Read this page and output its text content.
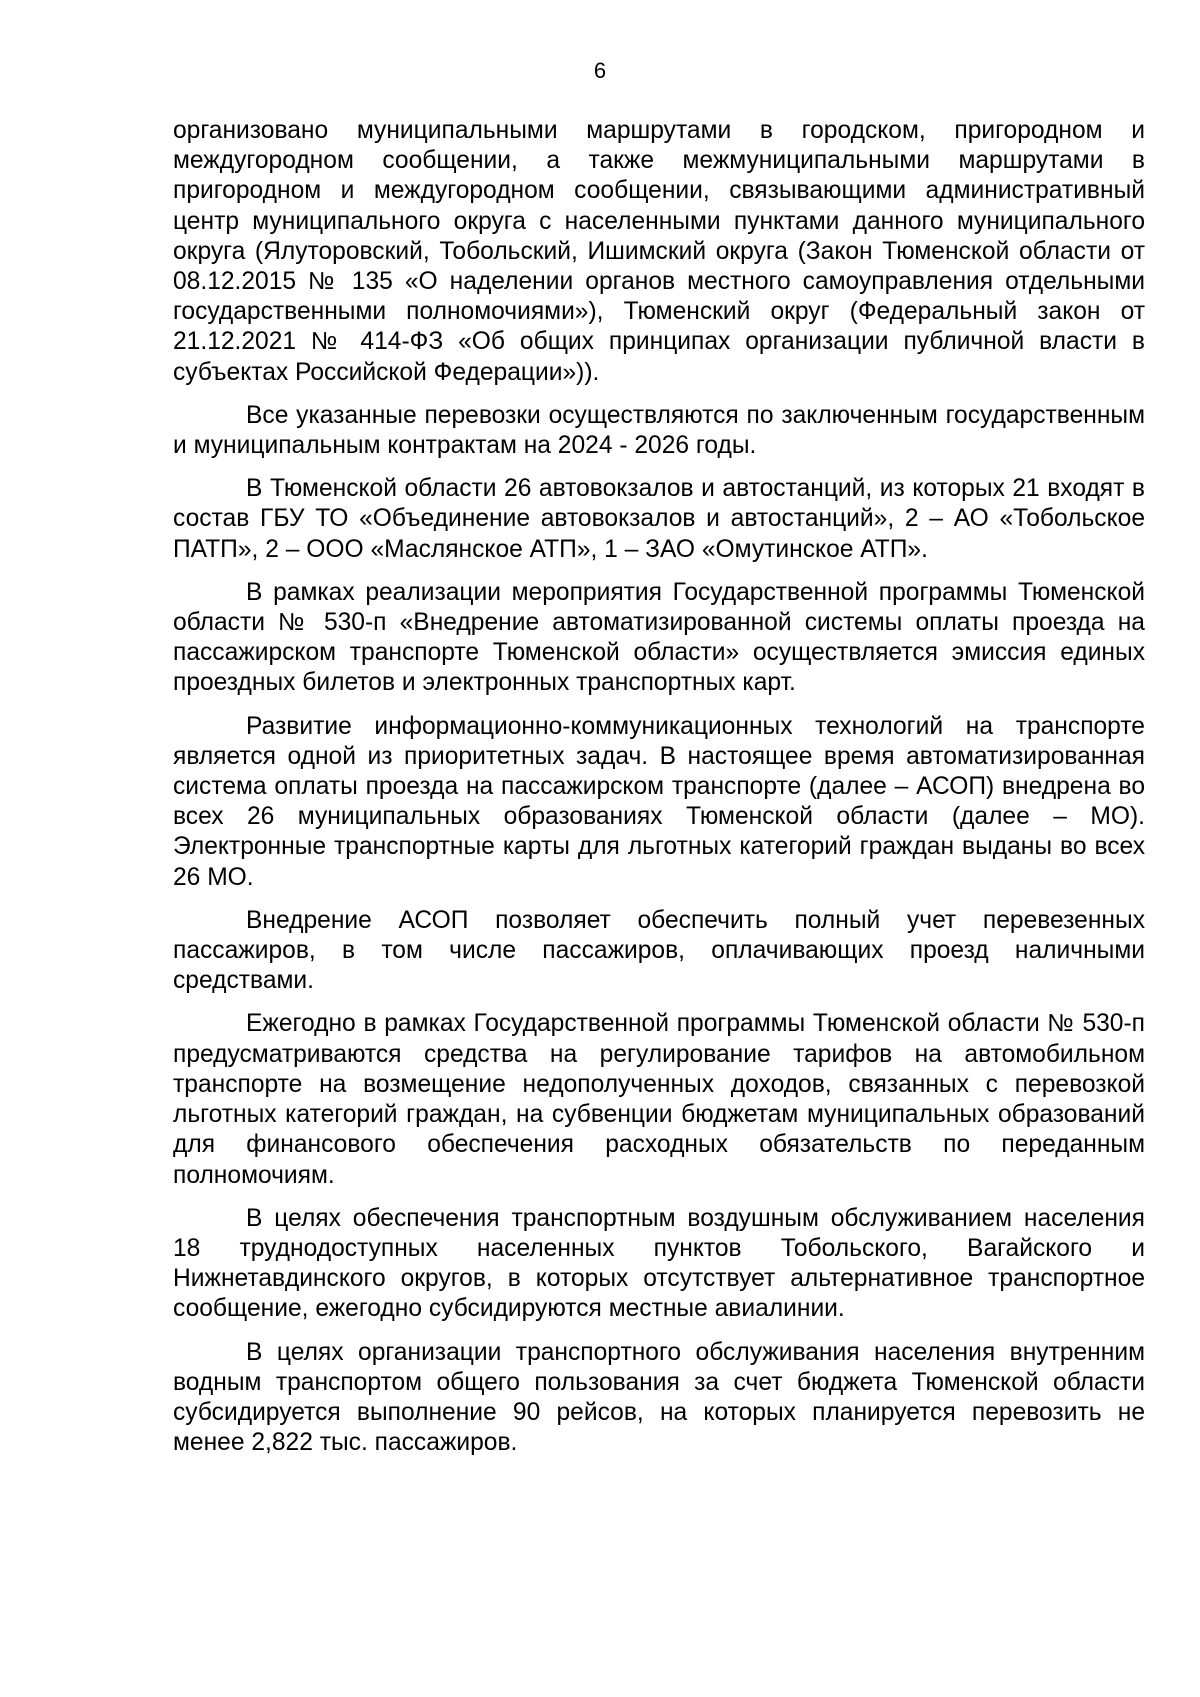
6

организовано муниципальными маршрутами в городском, пригородном и междугородном сообщении, а также межмуниципальными маршрутами в пригородном и междугородном сообщении, связывающими административный центр муниципального округа с населенными пунктами данного муниципального округа (Ялуторовский, Тобольский, Ишимский округа (Закон Тюменской области от 08.12.2015 № 135 «О наделении органов местного самоуправления отдельными государственными полномочиями»), Тюменский округ (Федеральный закон от 21.12.2021 № 414-ФЗ «Об общих принципах организации публичной власти в субъектах Российской Федерации»)).

Все указанные перевозки осуществляются по заключенным государственным и муниципальным контрактам на 2024 - 2026 годы.

В Тюменской области 26 автовокзалов и автостанций, из которых 21 входят в состав ГБУ ТО «Объединение автовокзалов и автостанций», 2 – АО «Тобольское ПАТП», 2 – ООО «Маслянское АТП», 1 – ЗАО «Омутинское АТП».

В рамках реализации мероприятия Государственной программы Тюменской области № 530-п «Внедрение автоматизированной системы оплаты проезда на пассажирском транспорте Тюменской области» осуществляется эмиссия единых проездных билетов и электронных транспортных карт.

Развитие информационно-коммуникационных технологий на транспорте является одной из приоритетных задач. В настоящее время автоматизированная система оплаты проезда на пассажирском транспорте (далее – АСОП) внедрена во всех 26 муниципальных образованиях Тюменской области (далее – МО). Электронные транспортные карты для льготных категорий граждан выданы во всех 26 МО.

Внедрение АСОП позволяет обеспечить полный учет перевезенных пассажиров, в том числе пассажиров, оплачивающих проезд наличными средствами.

Ежегодно в рамках Государственной программы Тюменской области № 530-п предусматриваются средства на регулирование тарифов на автомобильном транспорте на возмещение недополученных доходов, связанных с перевозкой льготных категорий граждан, на субвенции бюджетам муниципальных образований для финансового обеспечения расходных обязательств по переданным полномочиям.

В целях обеспечения транспортным воздушным обслуживанием населения 18 труднодоступных населенных пунктов Тобольского, Вагайского и Нижнетавдинского округов, в которых отсутствует альтернативное транспортное сообщение, ежегодно субсидируются местные авиалинии.

В целях организации транспортного обслуживания населения внутренним водным транспортом общего пользования за счет бюджета Тюменской области субсидируется выполнение 90 рейсов, на которых планируется перевозить не менее 2,822 тыс. пассажиров.
